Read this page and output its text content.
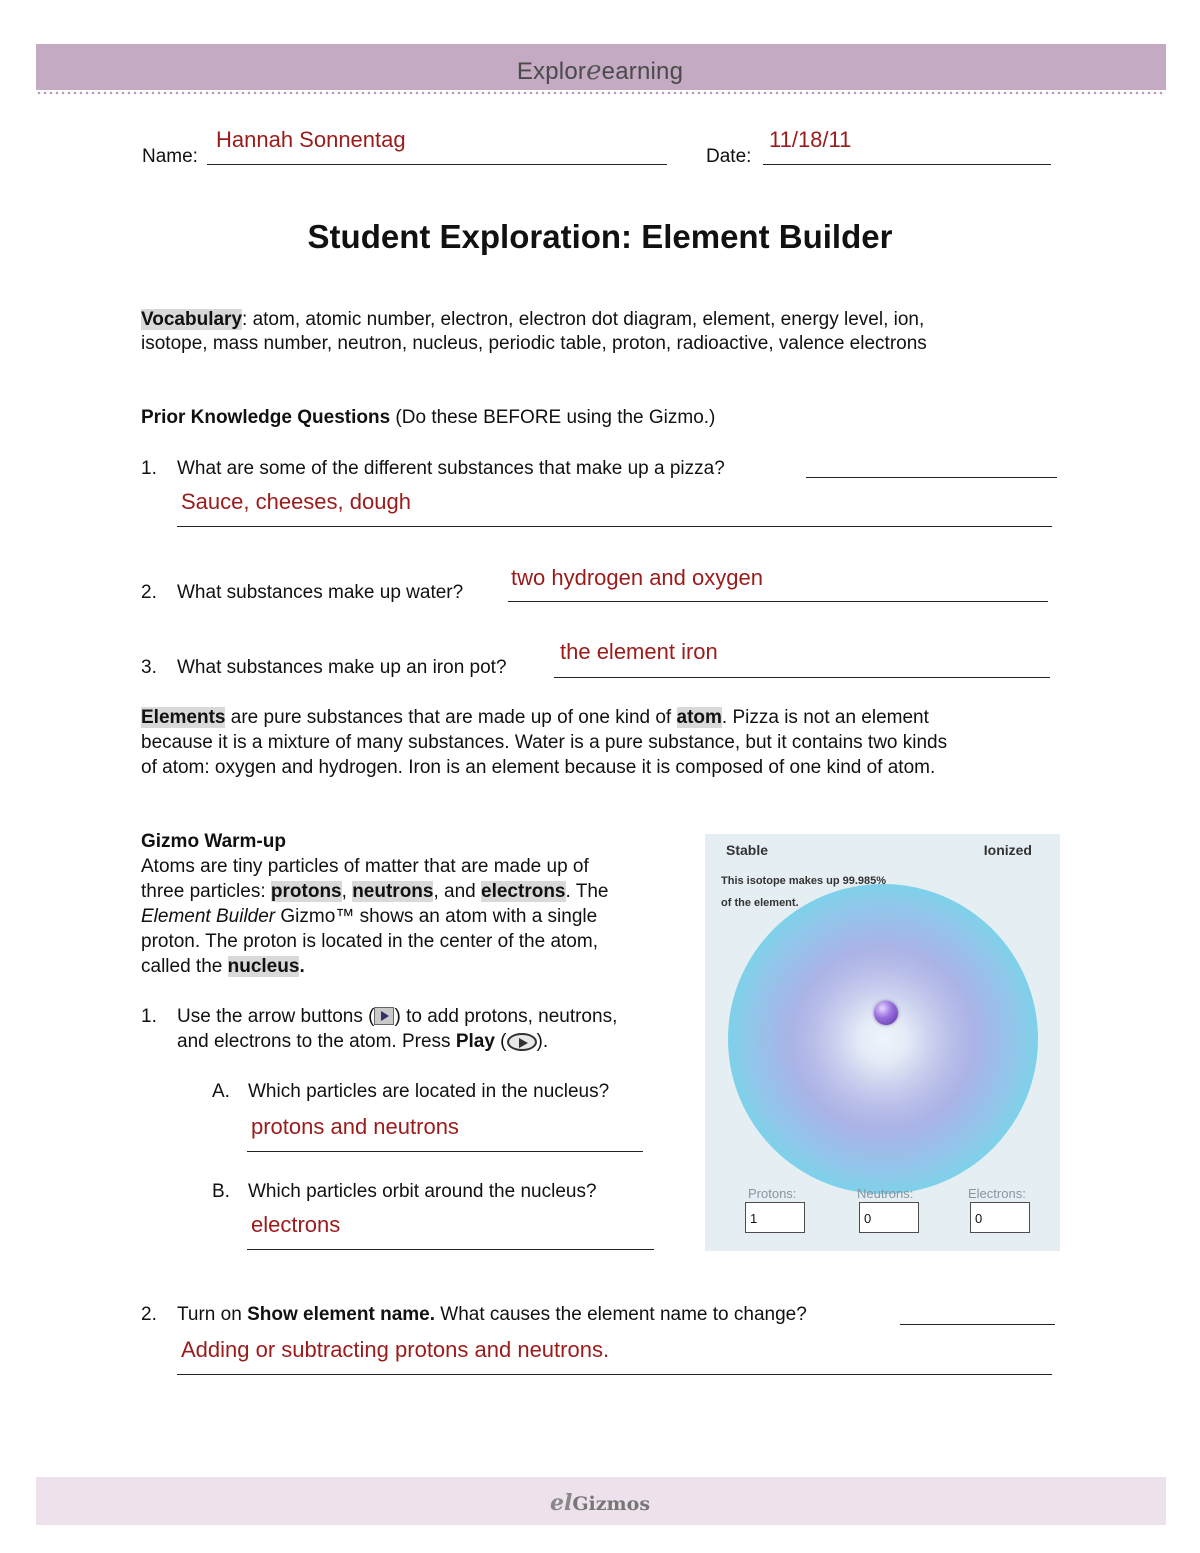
Exploreearning
Name:
Hannah Sonnentag
Date:
11/18/11
Student Exploration: Element Builder
Vocabulary: atom, atomic number, electron, electron dot diagram, element, energy level, ion,
isotope, mass number, neutron, nucleus, periodic table, proton, radioactive, valence electrons
Prior Knowledge Questions (Do these BEFORE using the Gizmo.)
1. What are some of the different substances that make up a pizza?
Sauce, cheeses, dough
2. What substances make up water?
two hydrogen and oxygen
3. What substances make up an iron pot?
the element iron
Elements are pure substances that are made up of one kind of atom. Pizza is not an element
because it is a mixture of many substances. Water is a pure substance, but it contains two kinds
of atom: oxygen and hydrogen. Iron is an element because it is composed of one kind of atom.
Gizmo Warm-up
Atoms are tiny particles of matter that are made up of
three particles: protons, neutrons, and electrons. The
Element Builder Gizmo™ shows an atom with a single
proton. The proton is located in the center of the atom,
called the nucleus.
1. Use the arrow buttons ( ) to add protons, neutrons,
and electrons to the atom. Press Play ( ).
A. Which particles are located in the nucleus?
protons and neutrons
B. Which particles orbit around the nucleus?
electrons
Stable	Ionized
This isotope makes up 99.985%
of the element.
Protons:	Neutrons:	Electrons:
1	0	0
2. Turn on Show element name. What causes the element name to change?
Adding or subtracting protons and neutrons.
elGizmos
